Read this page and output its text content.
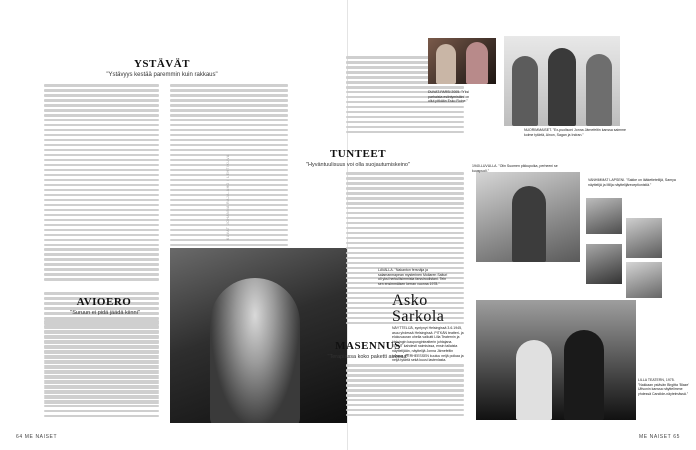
YSTÄVÄT
"Ystävyys kestää paremmin kuin rakkaus"
AVIOERO
"Suruun ei pidä jäädä kiinni"
64 ME NAISET
TUNTEET
"Hyväntuulisuus voi olla suojautumiskeino"
MASENNUS
"Terapiassa koko paketti aukeaa"
NUORIMMAISET. "Ex-puolisoni Jonna Järnefeltin kanssa saimme kolme tytärtä, Ainon, Sagan ja Indran."
DUVAT-FARSI 2005. "Yksi parhaista esiintymistäni on ollut pitkään Esko Roine."
1940-LUVULLA. "Olin Suomen pikkupoika, perheeni se kuuspuoli."
VANHIMMAT LAPSENI. "Sakke on lääketieteilijä, Samya näyttelijä ja Milja näyttelijäreceptionistiä."
LAVALLA. "Nakanton fersnäja ja salamanmapean mysterinen Moliaren Saituri oli yksi herkullisimmista farssiroolistani. Tein sen ensimmäisen kerran vuonna 1978."
Asko
Sarkola
NÄYTTELIJÄ, syntynyt Helsingissä 3.6.1945, asuu yhdessä Helsingissä. PITKÄN teatteri- ja elokuvauran ohella vaikutti Lilla Teaternin ja Helsingin kaupunginteatterin johtajana. ELLUT kahdesti naimisissa, ensin tailaista näyttelijään, näyttelijä Jonna Järnefeltin kanssa. PERHEESSEN kuuluu neljä poikaa ja neljä tytärtä sekä kuusi lastenlasta.
LILLA TEATERN, 1975. "Nakkaan ystävän Birgitta 'Blaze' Ulfsonin kanssa näyttelimme yhdessä Candide-näytelmässä."
ME NAISET 65
KUVAT JOHANNA RAJA-AHO / LEHTIKUVA
